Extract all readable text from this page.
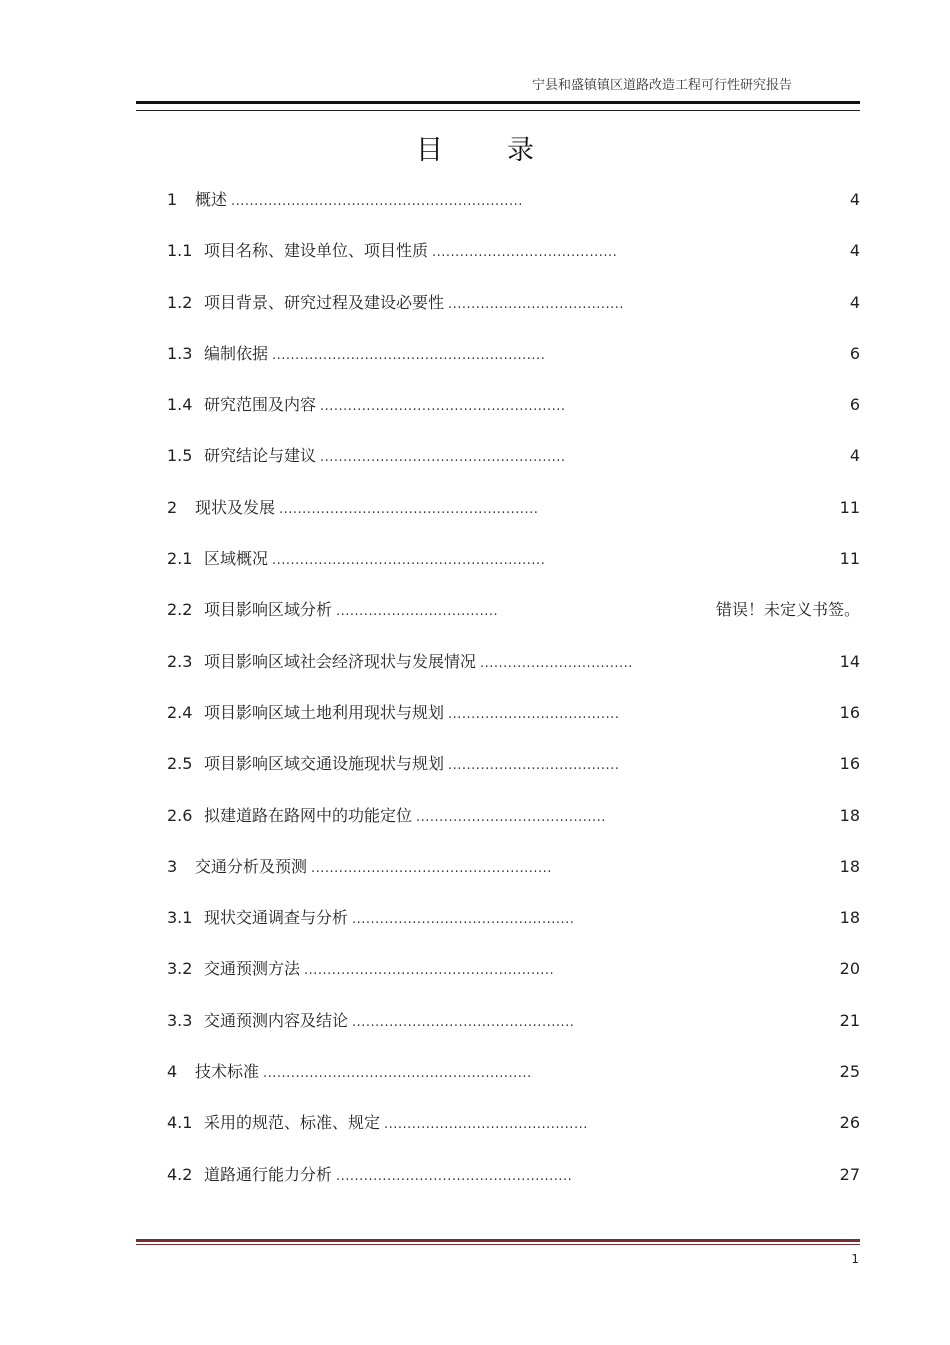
宁县和盛镇镇区道路改造工程可行性研究报告
目录
1 概述 ...............................................................	4
1.1 项目名称、建设单位、项目性质 ........................................	4
1.2 项目背景、研究过程及建设必要性 ......................................	4
1.3 编制依据 ...........................................................	6
1.4 研究范围及内容 .....................................................	6
1.5 研究结论与建议 .....................................................	4
2 现状及发展 ........................................................	11
2.1 区域概况 ...........................................................	11
2.2 项目影响区域分析 ...................................	错误！未定义书签。
2.3 项目影响区域社会经济现状与发展情况 .................................	14
2.4 项目影响区域土地利用现状与规划 .....................................	16
2.5 项目影响区域交通设施现状与规划 .....................................	16
2.6 拟建道路在路网中的功能定位 .........................................	18
3 交通分析及预测 ....................................................	18
3.1 现状交通调查与分析 ................................................	18
3.2 交通预测方法 ......................................................	20
3.3 交通预测内容及结论 ................................................	21
4 技术标准 ..........................................................	25
4.1 采用的规范、标准、规定 ............................................	26
4.2 道路通行能力分析 ...................................................	27
1
